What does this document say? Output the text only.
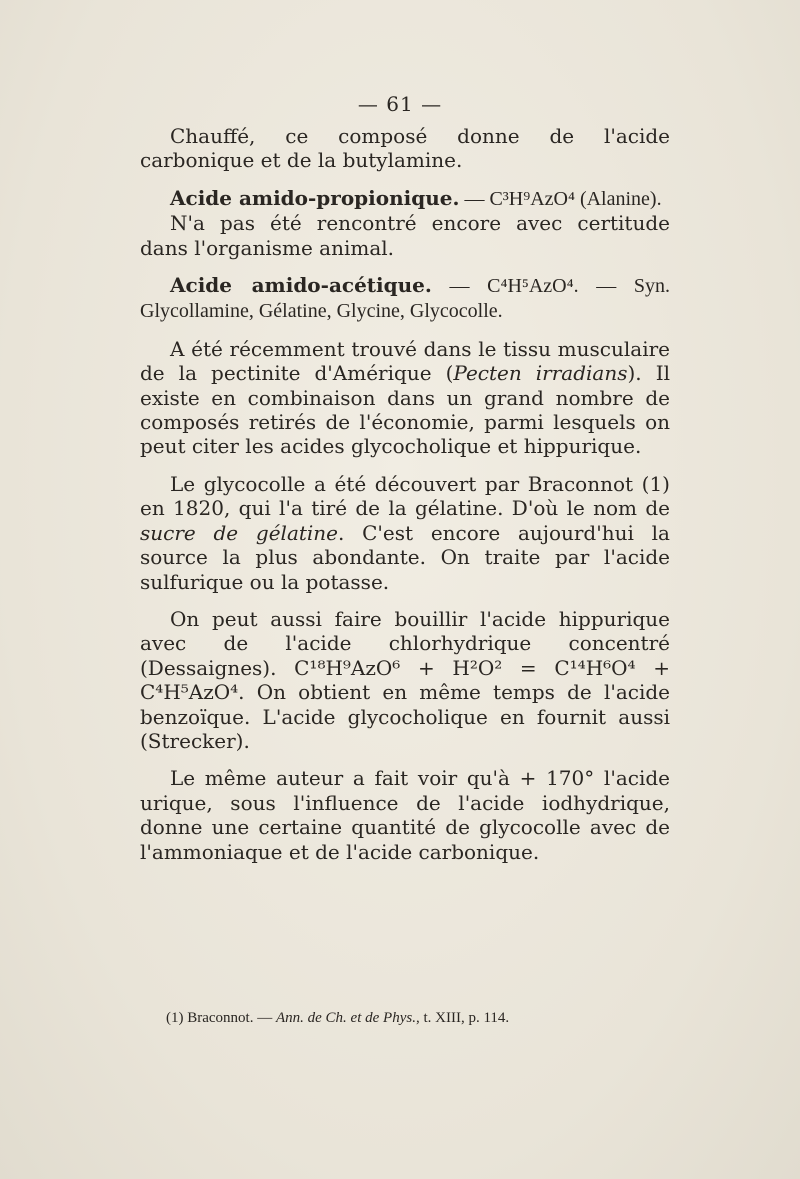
— 61 —

Chauffé, ce composé donne de l'acide carbonique et de la butylamine.

Acide amido-propionique. — C³H⁹AzO⁴ (Alanine).

N'a pas été rencontré encore avec certitude dans l'organisme animal.

Acide amido-acétique. — C⁴H⁵AzO⁴. — Syn. Glycollamine, Gélatine, Glycine, Glycocolle.

A été récemment trouvé dans le tissu musculaire de la pectinite d'Amérique (Pecten irradians). Il existe en combinaison dans un grand nombre de composés retirés de l'économie, parmi lesquels on peut citer les acides glycocholique et hippurique.

Le glycocolle a été découvert par Braconnot (1) en 1820, qui l'a tiré de la gélatine. D'où le nom de sucre de gélatine. C'est encore aujourd'hui la source la plus abondante. On traite par l'acide sulfurique ou la potasse.

On peut aussi faire bouillir l'acide hippurique avec de l'acide chlorhydrique concentré (Dessaignes). C¹⁸H⁹AzO⁶ + H²O² = C¹⁴H⁶O⁴ + C⁴H⁵AzO⁴. On obtient en même temps de l'acide benzoïque. L'acide glycocholique en fournit aussi (Strecker).

Le même auteur a fait voir qu'à + 170° l'acide urique, sous l'influence de l'acide iodhydrique, donne une certaine quantité de glycocolle avec de l'ammoniaque et de l'acide carbonique.

(1) Braconnot. — Ann. de Ch. et de Phys., t. XIII, p. 114.
